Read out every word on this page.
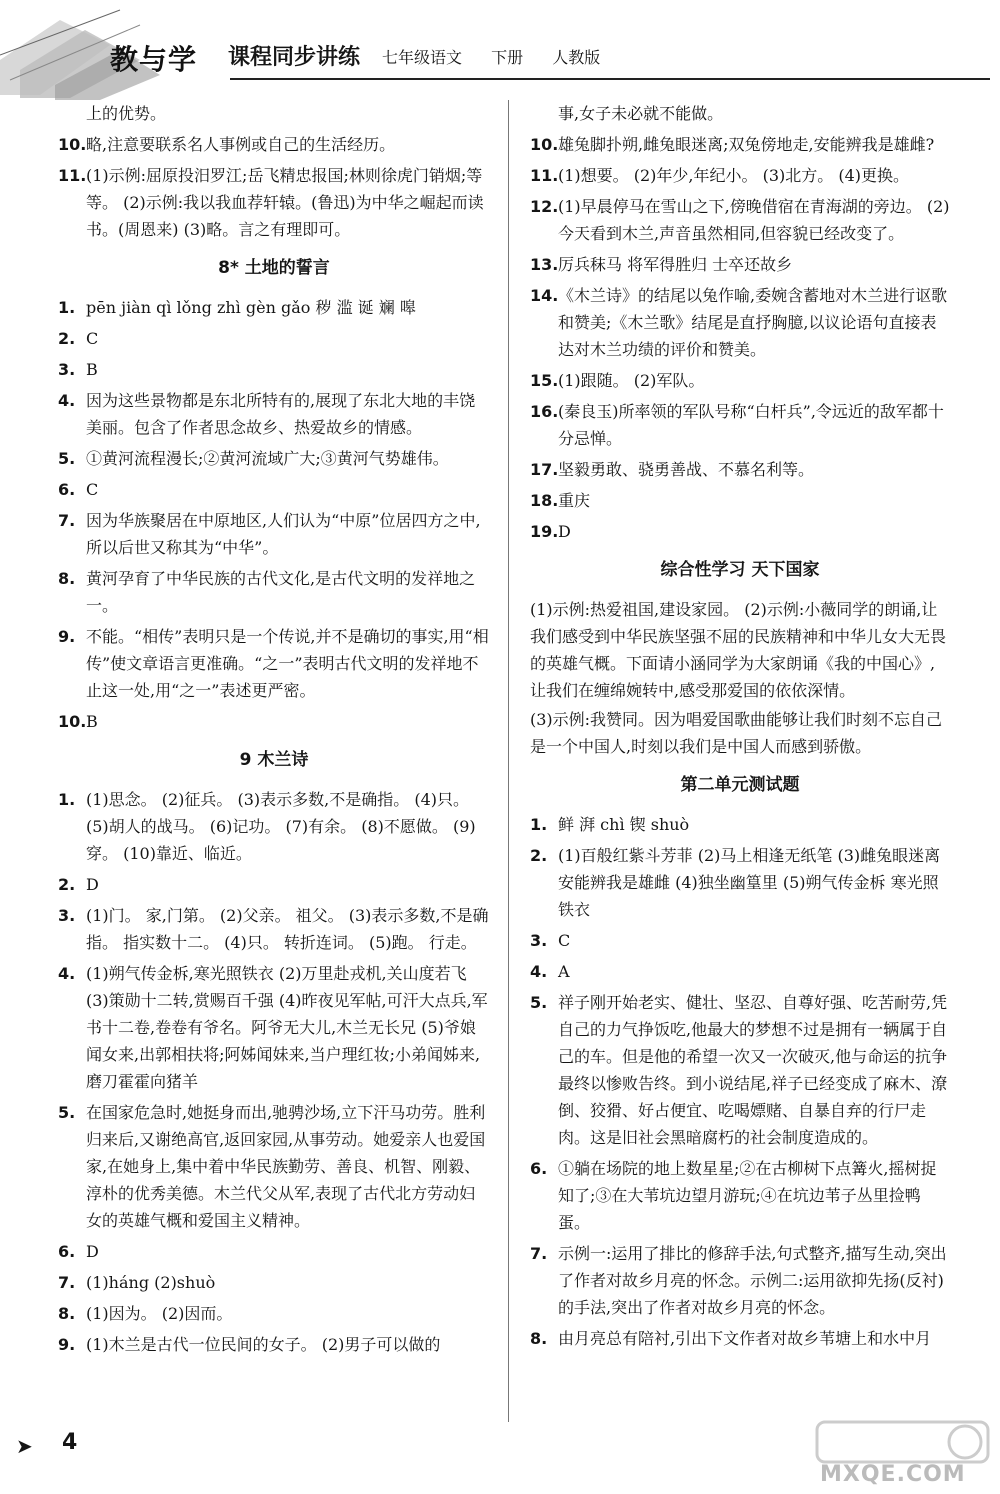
教与学 课程同步讲练 七年级语文 下册 人教版
上的优势。
10. 略,注意要联系名人事例或自己的生活经历。
11. (1)示例:屈原投汨罗江;岳飞精忠报国;林则徐虎门销烟;等等。 (2)示例:我以我血荐轩辕。(鲁迅)为中华之崛起而读书。(周恩来) (3)略。言之有理即可。
8* 土地的誓言
1. pēn jiàn qì lǒng zhì gèn gǎo 秽 滥 诞 斓 嗥
2. C
3. B
4. 因为这些景物都是东北所特有的,展现了东北大地的丰饶美丽。包含了作者思念故乡、热爱故乡的情感。
5. ①黄河流程漫长;②黄河流域广大;③黄河气势雄伟。
6. C
7. 因为华族聚居在中原地区,人们认为“中原”位居四方之中,所以后世又称其为“中华”。
8. 黄河孕育了中华民族的古代文化,是古代文明的发祥地之一。
9. 不能。“相传”表明只是一个传说,并不是确切的事实,用“相传”使文章语言更准确。“之一”表明古代文明的发祥地不止这一处,用“之一”表述更严密。
10. B
9 木兰诗
1. (1)思念。 (2)征兵。 (3)表示多数,不是确指。 (4)只。 (5)胡人的战马。 (6)记功。 (7)有余。 (8)不愿做。 (9)穿。 (10)靠近、临近。
2. D
3. (1)门。 家,门第。 (2)父亲。 祖父。 (3)表示多数,不是确指。 指实数十二。 (4)只。 转折连词。 (5)跑。 行走。
4. (1)朔气传金柝,寒光照铁衣 (2)万里赴戎机,关山度若飞 (3)策勋十二转,赏赐百千强 (4)昨夜见军帖,可汗大点兵,军书十二卷,卷卷有爷名。阿爷无大儿,木兰无长兄 (5)爷娘闻女来,出郭相扶将;阿姊闻妹来,当户理红妆;小弟闻姊来,磨刀霍霍向猪羊
5. 在国家危急时,她挺身而出,驰骋沙场,立下汗马功劳。胜利归来后,又谢绝高官,返回家园,从事劳动。她爱亲人也爱国家,在她身上,集中着中华民族勤劳、善良、机智、刚毅、淳朴的优秀美德。木兰代父从军,表现了古代北方劳动妇女的英雄气概和爱国主义精神。
6. D
7. (1)háng (2)shuò
8. (1)因为。 (2)因而。
9. (1)木兰是古代一位民间的女子。 (2)男子可以做的
事,女子未必就不能做。
10. 雄兔脚扑朔,雌兔眼迷离;双兔傍地走,安能辨我是雄雌?
11. (1)想要。 (2)年少,年纪小。 (3)北方。 (4)更换。
12. (1)早晨停马在雪山之下,傍晚借宿在青海湖的旁边。 (2)今天看到木兰,声音虽然相同,但容貌已经改变了。
13. 厉兵秣马 将军得胜归 士卒还故乡
14. 《木兰诗》的结尾以兔作喻,委婉含蓄地对木兰进行讴歌和赞美;《木兰歌》结尾是直抒胸臆,以议论语句直接表达对木兰功绩的评价和赞美。
15. (1)跟随。 (2)军队。
16. (秦良玉)所率领的军队号称“白杆兵”,令远近的敌军都十分忌惮。
17. 坚毅勇敢、骁勇善战、不慕名利等。
18. 重庆
19. D
综合性学习 天下国家
(1)示例:热爱祖国,建设家园。 (2)示例:小薇同学的朗诵,让我们感受到中华民族坚强不屈的民族精神和中华儿女大无畏的英雄气概。下面请小涵同学为大家朗诵《我的中国心》,让我们在缠绵婉转中,感受那爱国的依依深情。
(3)示例:我赞同。因为唱爱国歌曲能够让我们时刻不忘自己是一个中国人,时刻以我们是中国人而感到骄傲。
第二单元测试题
1. 鲜 湃 chì 锲 shuò
2. (1)百般红紫斗芳菲 (2)马上相逢无纸笔 (3)雌兔眼迷离 安能辨我是雄雌 (4)独坐幽篁里 (5)朔气传金柝 寒光照铁衣
3. C
4. A
5. 祥子刚开始老实、健壮、坚忍、自尊好强、吃苦耐劳,凭自己的力气挣饭吃,他最大的梦想不过是拥有一辆属于自己的车。但是他的希望一次又一次破灭,他与命运的抗争最终以惨败告终。到小说结尾,祥子已经变成了麻木、潦倒、狡猾、好占便宜、吃喝嫖赌、自暴自弃的行尸走肉。这是旧社会黑暗腐朽的社会制度造成的。
6. ①躺在场院的地上数星星;②在古柳树下点篝火,摇树捉知了;③在大苇坑边望月游玩;④在坑边苇子丛里捡鸭蛋。
7. 示例一:运用了排比的修辞手法,句式整齐,描写生动,突出了作者对故乡月亮的怀念。示例二:运用欲抑先扬(反衬)的手法,突出了作者对故乡月亮的怀念。
8. 由月亮总有陪衬,引出下文作者对故乡苇塘上和水中月
➤ 4
MXQE.COM
